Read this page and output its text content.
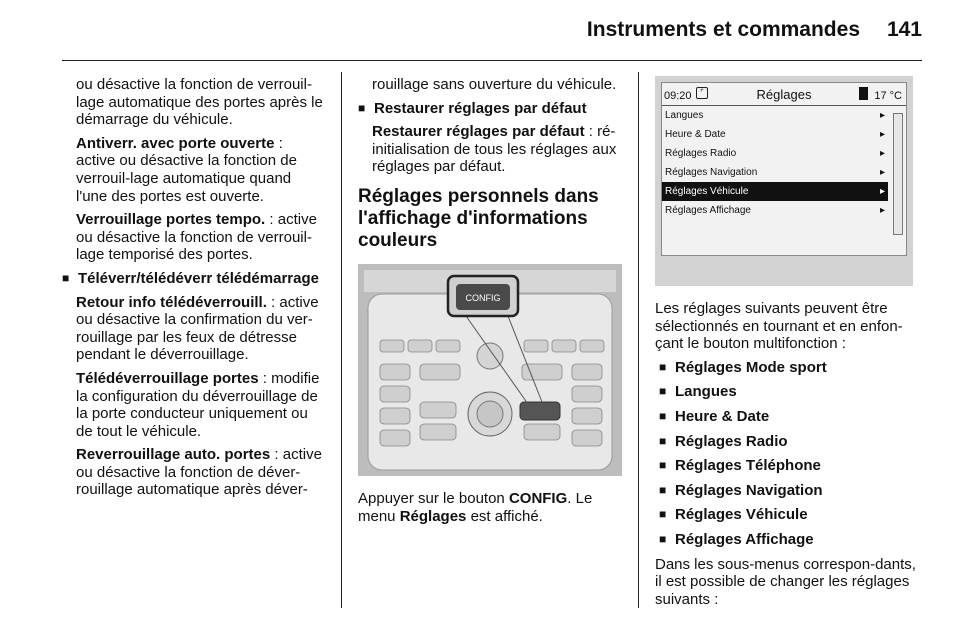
Instruments et commandes 141

ou désactive la fonction de verrouil-lage automatique des portes après le démarrage du véhicule.

Antiverr. avec porte ouverte : active ou désactive la fonction de verrouil-lage automatique quand l'une des portes est ouverte.

Verrouillage portes tempo. : active ou désactive la fonction de verrouil-lage temporisé des portes.

■ Téléverr/télédéverr télédémarrage

Retour info télédéverrouill. : active ou désactive la confirmation du ver-rouillage par les feux de détresse pendant le déverrouillage.

Télédéverrouillage portes : modifie la configuration du déverrouillage de la porte conducteur uniquement ou de tout le véhicule.

Reverrouillage auto. portes : active ou désactive la fonction de déver-rouillage automatique après déver-

rouillage sans ouverture du véhicule.

■ Restaurer réglages par défaut

Restaurer réglages par défaut : ré-initialisation de tous les réglages aux réglages par défaut.

Réglages personnels dans l'affichage d'informations couleurs
CONFIG

Appuyer sur le bouton CONFIG. Le menu Réglages est affiché.

09:20	⌜	Réglages	17 °C
Langues	▸
Heure & Date	▸
Réglages Radio	▸
Réglages Navigation	▸
Réglages Véhicule	▸
Réglages Affichage	▸

Les réglages suivants peuvent être sélectionnés en tournant et en enfon-çant le bouton multifonction :

■ Réglages Mode sport

■ Langues

■ Heure & Date

■ Réglages Radio

■ Réglages Téléphone

■ Réglages Navigation

■ Réglages Véhicule

■ Réglages Affichage

Dans les sous-menus correspon-dants, il est possible de changer les réglages suivants :
